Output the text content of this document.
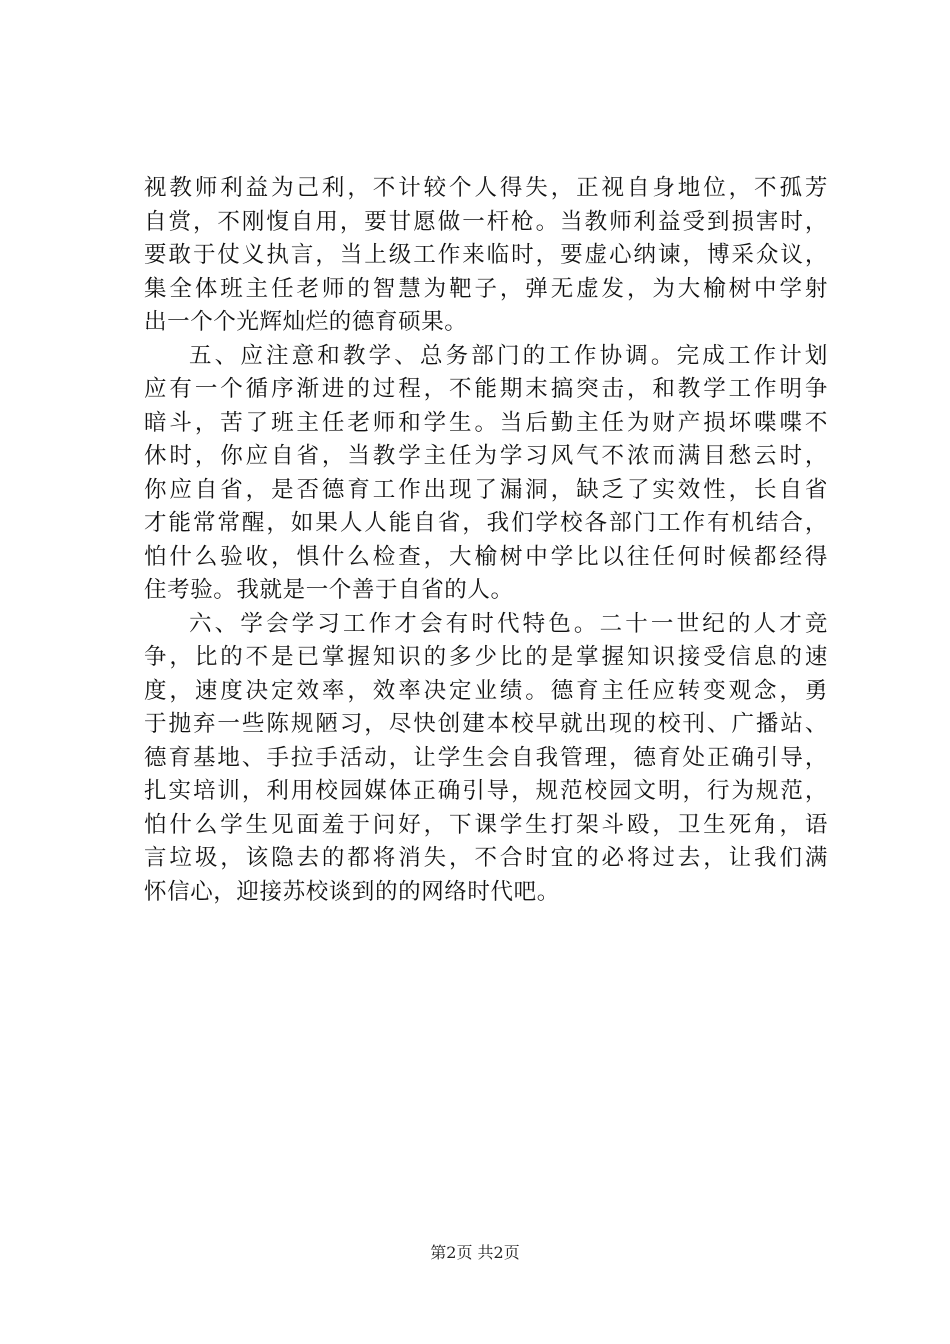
视教师利益为己利，不计较个人得失，正视自身地位，不孤芳
自赏，不刚愎自用，要甘愿做一杆枪。当教师利益受到损害时，
要敢于仗义执言，当上级工作来临时，要虚心纳谏，博采众议，
集全体班主任老师的智慧为靶子，弹无虚发，为大榆树中学射
出一个个光辉灿烂的德育硕果。
五、应注意和教学、总务部门的工作协调。完成工作计划
应有一个循序渐进的过程，不能期末搞突击，和教学工作明争
暗斗，苦了班主任老师和学生。当后勤主任为财产损坏喋喋不
休时，你应自省，当教学主任为学习风气不浓而满目愁云时，
你应自省，是否德育工作出现了漏洞，缺乏了实效性，长自省
才能常常醒，如果人人能自省，我们学校各部门工作有机结合，
怕什么验收，惧什么检查，大榆树中学比以往任何时候都经得
住考验。我就是一个善于自省的人。
六、学会学习工作才会有时代特色。二十一世纪的人才竞
争，比的不是已掌握知识的多少比的是掌握知识接受信息的速
度，速度决定效率，效率决定业绩。德育主任应转变观念，勇
于抛弃一些陈规陋习，尽快创建本校早就出现的校刊、广播站、
德育基地、手拉手活动，让学生会自我管理，德育处正确引导，
扎实培训，利用校园媒体正确引导，规范校园文明，行为规范，
怕什么学生见面羞于问好，下课学生打架斗殴，卫生死角，语
言垃圾，该隐去的都将消失，不合时宜的必将过去，让我们满
怀信心，迎接苏校谈到的的网络时代吧。
第2页 共2页
